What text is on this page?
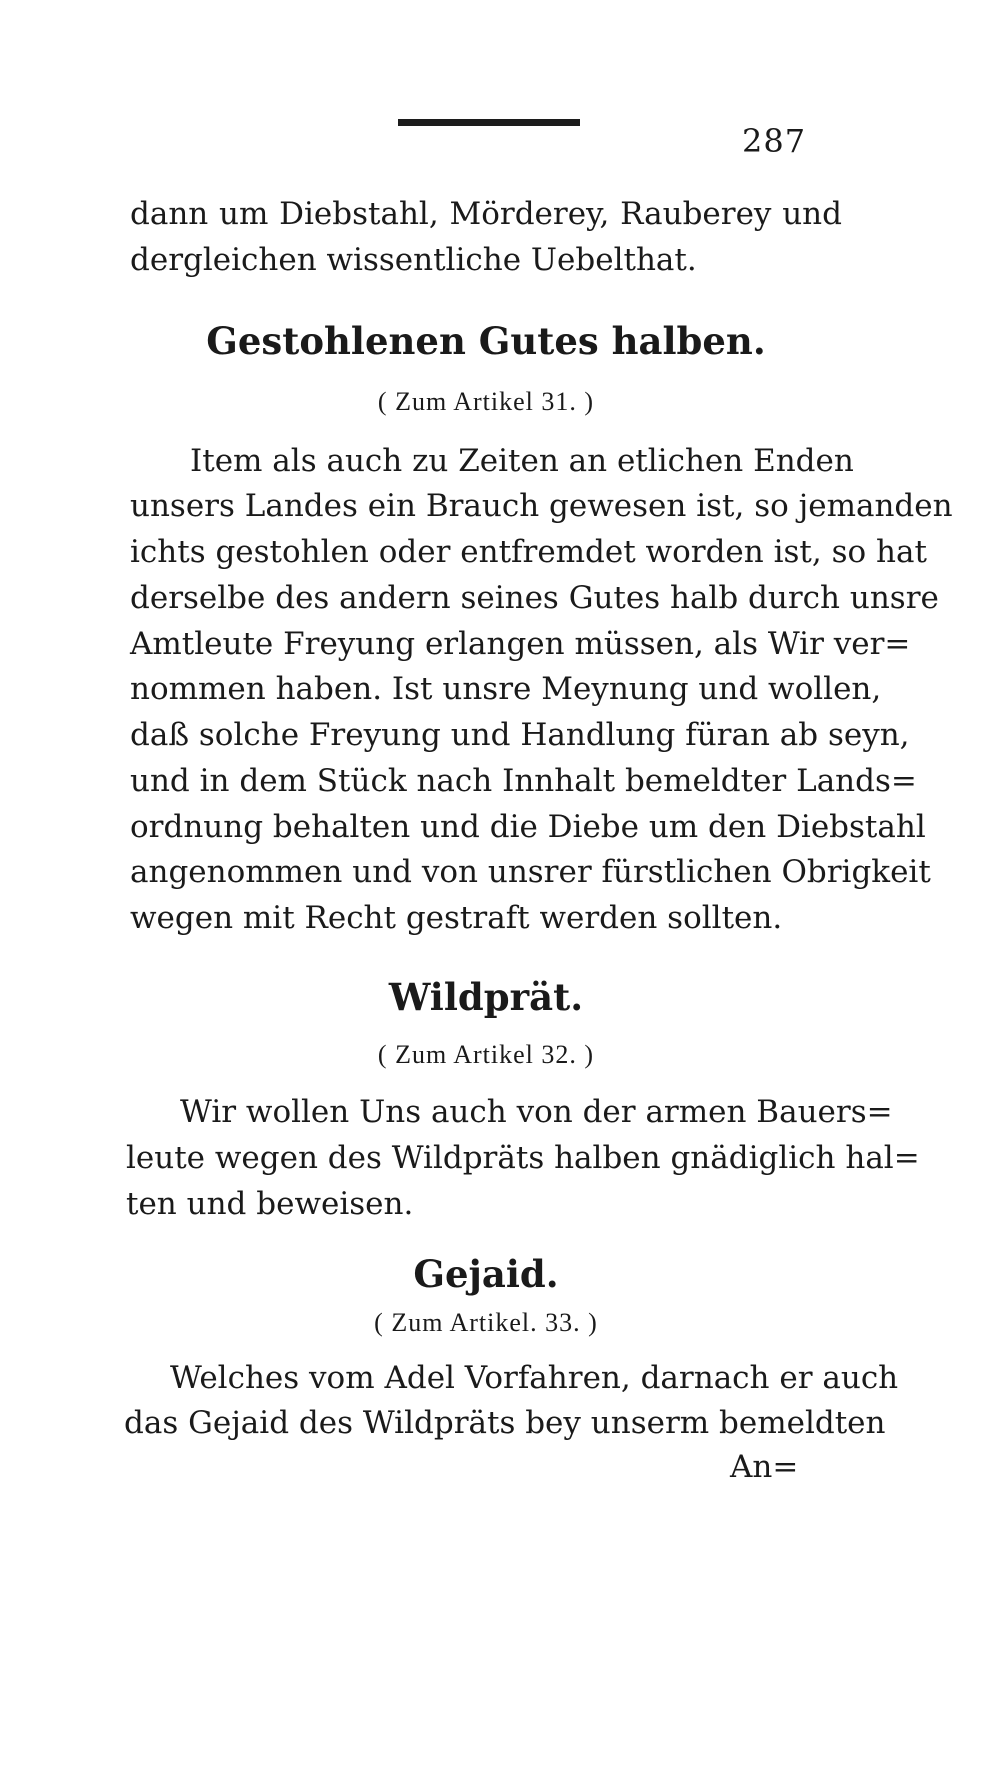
287
dann um Diebstahl, Mörderey, Rauberey und
dergleichen wissentliche Uebelthat.
Gestohlenen Gutes halben.
( Zum Artikel 31. )
Item als auch zu Zeiten an etlichen Enden
unsers Landes ein Brauch gewesen ist, so jemanden
ichts gestohlen oder entfremdet worden ist, so hat
derselbe des andern seines Gutes halb durch unsre
Amtleute Freyung erlangen müssen, als Wir ver=
nommen haben. Ist unsre Meynung und wollen,
daß solche Freyung und Handlung füran ab seyn,
und in dem Stück nach Innhalt bemeldter Lands=
ordnung behalten und die Diebe um den Diebstahl
angenommen und von unsrer fürstlichen Obrigkeit
wegen mit Recht gestraft werden sollten.
Wildprät.
( Zum Artikel 32. )
Wir wollen Uns auch von der armen Bauers=
leute wegen des Wildpräts halben gnädiglich hal=
ten und beweisen.
Gejaid.
( Zum Artikel. 33. )
Welches vom Adel Vorfahren, darnach er auch
das Gejaid des Wildpräts bey unserm bemeldten
An=
